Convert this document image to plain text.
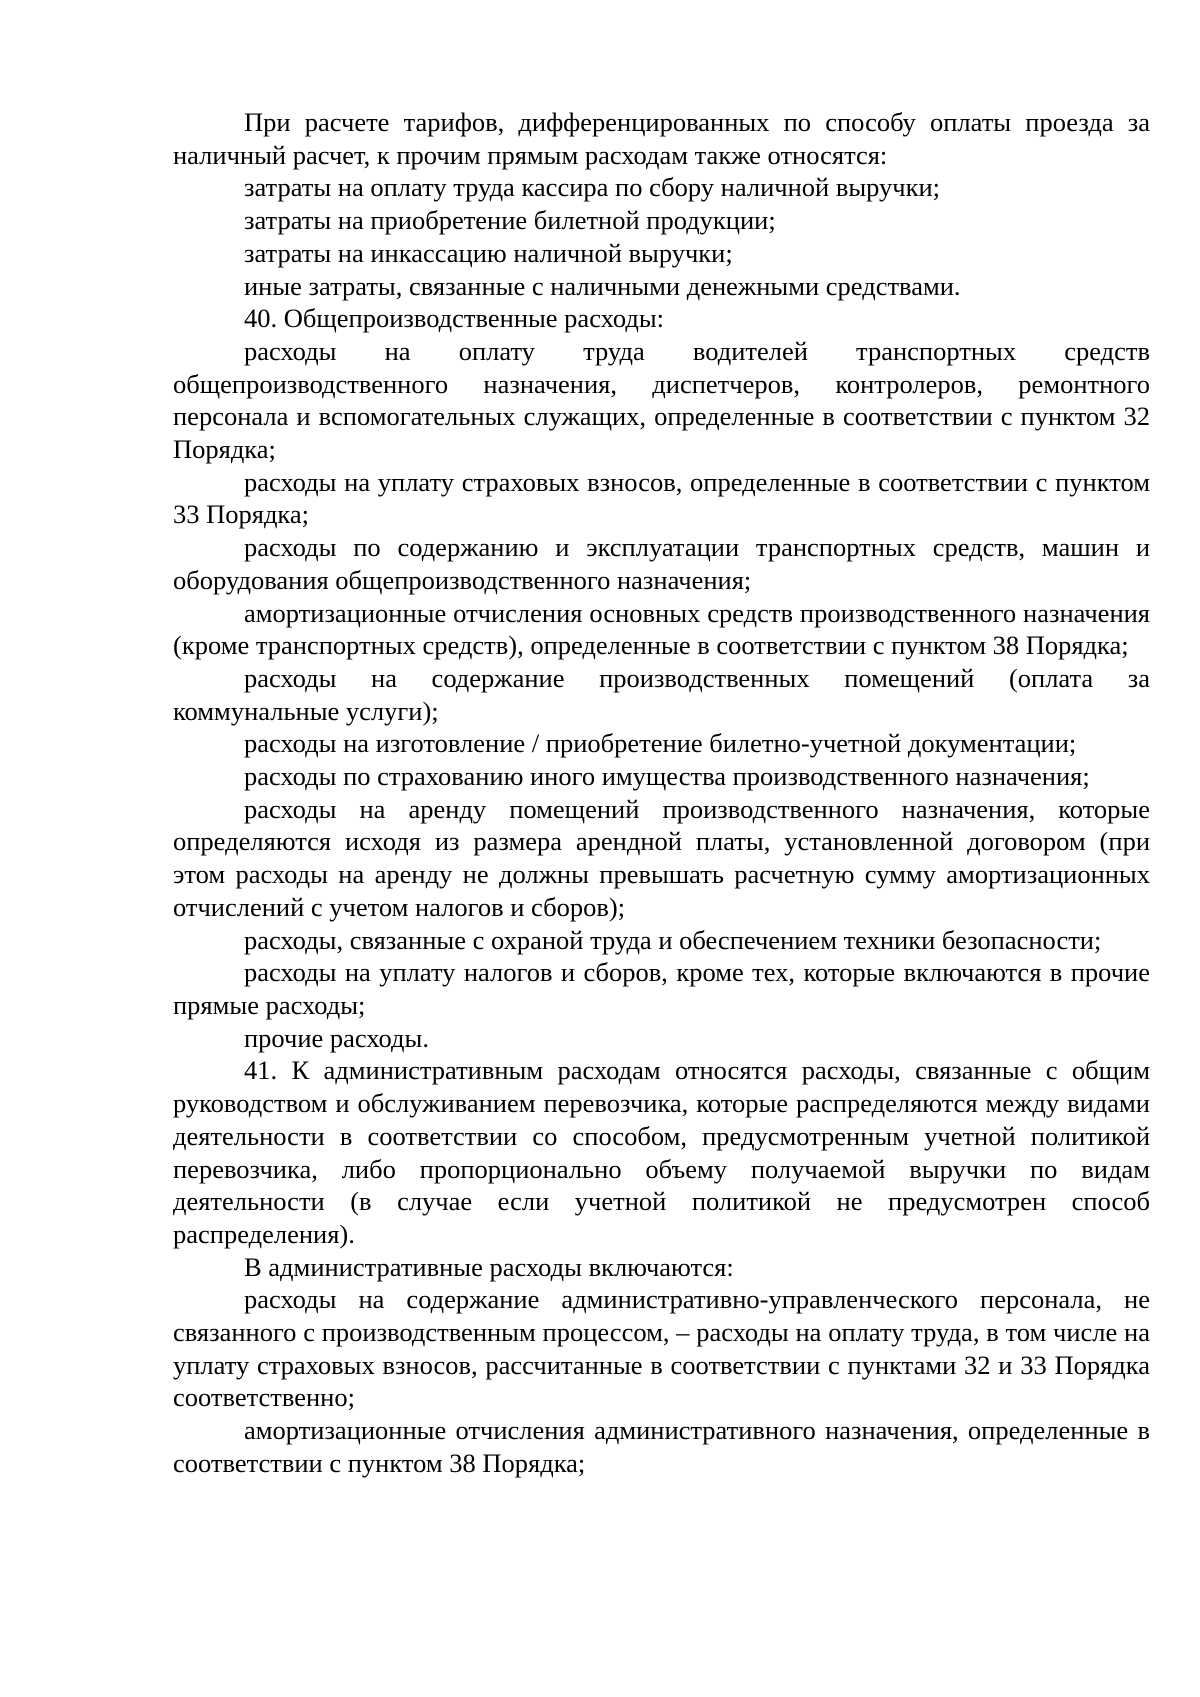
При расчете тарифов, дифференцированных по способу оплаты проезда за наличный расчет, к прочим прямым расходам также относятся:

затраты на оплату труда кассира по сбору наличной выручки;

затраты на приобретение билетной продукции;

затраты на инкассацию наличной выручки;

иные затраты, связанные с наличными денежными средствами.

40. Общепроизводственные расходы:

расходы на оплату труда водителей транспортных средств общепроизводственного назначения, диспетчеров, контролеров, ремонтного персонала и вспомогательных служащих, определенные в соответствии с пунктом 32 Порядка;

расходы на уплату страховых взносов, определенные в соответствии с пунктом 33 Порядка;

расходы по содержанию и эксплуатации транспортных средств, машин и оборудования общепроизводственного назначения;

амортизационные отчисления основных средств производственного назначения (кроме транспортных средств), определенные в соответствии с пунктом 38 Порядка;

расходы на содержание производственных помещений (оплата за коммунальные услуги);

расходы на изготовление / приобретение билетно-учетной документации;

расходы по страхованию иного имущества производственного назначения;

расходы на аренду помещений производственного назначения, которые определяются исходя из размера арендной платы, установленной договором (при этом расходы на аренду не должны превышать расчетную сумму амортизационных отчислений с учетом налогов и сборов);

расходы, связанные с охраной труда и обеспечением техники безопасности;

расходы на уплату налогов и сборов, кроме тех, которые включаются в прочие прямые расходы;

прочие расходы.

41. К административным расходам относятся расходы, связанные с общим руководством и обслуживанием перевозчика, которые распределяются между видами деятельности в соответствии со способом, предусмотренным учетной политикой перевозчика, либо пропорционально объему получаемой выручки по видам деятельности (в случае если учетной политикой не предусмотрен способ распределения).

В административные расходы включаются:

расходы на содержание административно-управленческого персонала, не связанного с производственным процессом, – расходы на оплату труда, в том числе на уплату страховых взносов, рассчитанные в соответствии с пунктами 32 и 33 Порядка соответственно;

амортизационные отчисления административного назначения, определенные в соответствии с пунктом 38 Порядка;
